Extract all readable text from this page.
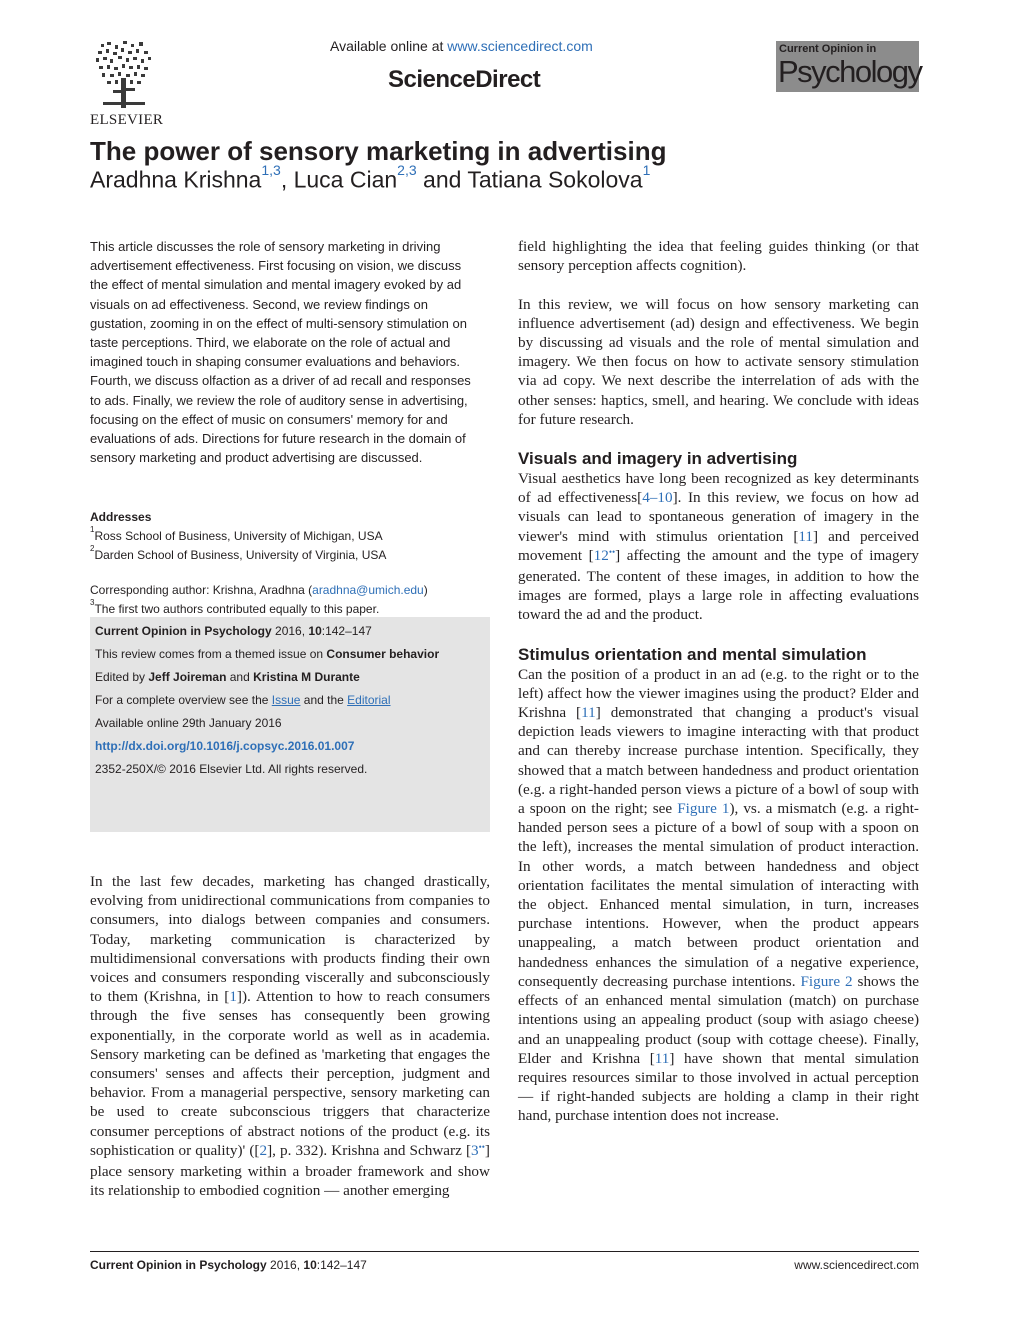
ELSEVIER
Available online at www.sciencedirect.com
ScienceDirect
Current Opinion in
Psychology
The power of sensory marketing in advertising
Aradhna Krishna$^{1,3}$, Luca Cian$^{2,3}$ and Tatiana Sokolova$^1$
This article discusses the role of sensory marketing in driving advertisement effectiveness. First focusing on vision, we discuss the effect of mental simulation and mental imagery evoked by ad visuals on ad effectiveness. Second, we review findings on gustation, zooming in on the effect of multi-sensory stimulation on taste perceptions. Third, we elaborate on the role of actual and imagined touch in shaping consumer evaluations and behaviors. Fourth, we discuss olfaction as a driver of ad recall and responses to ads. Finally, we review the role of auditory sense in advertising, focusing on the effect of music on consumers' memory for and evaluations of ads. Directions for future research in the domain of sensory marketing and product advertising are discussed.
Addresses
$^1$Ross School of Business, University of Michigan, USA
$^2$Darden School of Business, University of Virginia, USA
Corresponding author: Krishna, Aradhna (aradhna@umich.edu)
$^3$The first two authors contributed equally to this paper.
Current Opinion in Psychology 2016, 10:142–147
This review comes from a themed issue on Consumer behavior
Edited by Jeff Joireman and Kristina M Durante
For a complete overview see the Issue and the Editorial
Available online 29th January 2016
http://dx.doi.org/10.1016/j.copsyc.2016.01.007
2352-250X/© 2016 Elsevier Ltd. All rights reserved.
In the last few decades, marketing has changed drastically, evolving from unidirectional communications from companies to consumers, into dialogs between companies and consumers. Today, marketing communication is characterized by multidimensional conversations with products finding their own voices and consumers responding viscerally and subconsciously to them (Krishna, in [1]). Attention to how to reach consumers through the five senses has consequently been growing exponentially, in the corporate world as well as in academia. Sensory marketing can be defined as 'marketing that engages the consumers' senses and affects their perception, judgment and behavior. From a managerial perspective, sensory marketing can be used to create subconscious triggers that characterize consumer perceptions of abstract notions of the product (e.g. its sophistication or quality)' ([2], p. 332). Krishna and Schwarz [3••] place sensory marketing within a broader framework and show its relationship to embodied cognition — another emerging
field highlighting the idea that feeling guides thinking (or that sensory perception affects cognition).
In this review, we will focus on how sensory marketing can influence advertisement (ad) design and effectiveness. We begin by discussing ad visuals and the role of mental simulation and imagery. We then focus on how to activate sensory stimulation via ad copy. We next describe the interrelation of ads with the other senses: haptics, smell, and hearing. We conclude with ideas for future research.
Visuals and imagery in advertising
Visual aesthetics have long been recognized as key determinants of ad effectiveness[4–10]. In this review, we focus on how ad visuals can lead to spontaneous generation of imagery in the viewer's mind with stimulus orientation [11] and perceived movement [12••] affecting the amount and the type of imagery generated. The content of these images, in addition to how the images are formed, plays a large role in affecting evaluations toward the ad and the product.
Stimulus orientation and mental simulation
Can the position of a product in an ad (e.g. to the right or to the left) affect how the viewer imagines using the product? Elder and Krishna [11] demonstrated that changing a product's visual depiction leads viewers to imagine interacting with that product and can thereby increase purchase intention. Specifically, they showed that a match between handedness and product orientation (e.g. a right-handed person views a picture of a bowl of soup with a spoon on the right; see Figure 1), vs. a mismatch (e.g. a right-handed person sees a picture of a bowl of soup with a spoon on the left), increases the mental simulation of product interaction. In other words, a match between handedness and object orientation facilitates the mental simulation of interacting with the object. Enhanced mental simulation, in turn, increases purchase intentions. However, when the product appears unappealing, a match between product orientation and handedness enhances the simulation of a negative experience, consequently decreasing purchase intentions. Figure 2 shows the effects of an enhanced mental simulation (match) on purchase intentions using an appealing product (soup with asiago cheese) and an unappealing product (soup with cottage cheese). Finally, Elder and Krishna [11] have shown that mental simulation requires resources similar to those involved in actual perception — if right-handed subjects are holding a clamp in their right hand, purchase intention does not increase.
Current Opinion in Psychology 2016, 10:142–147	www.sciencedirect.com
